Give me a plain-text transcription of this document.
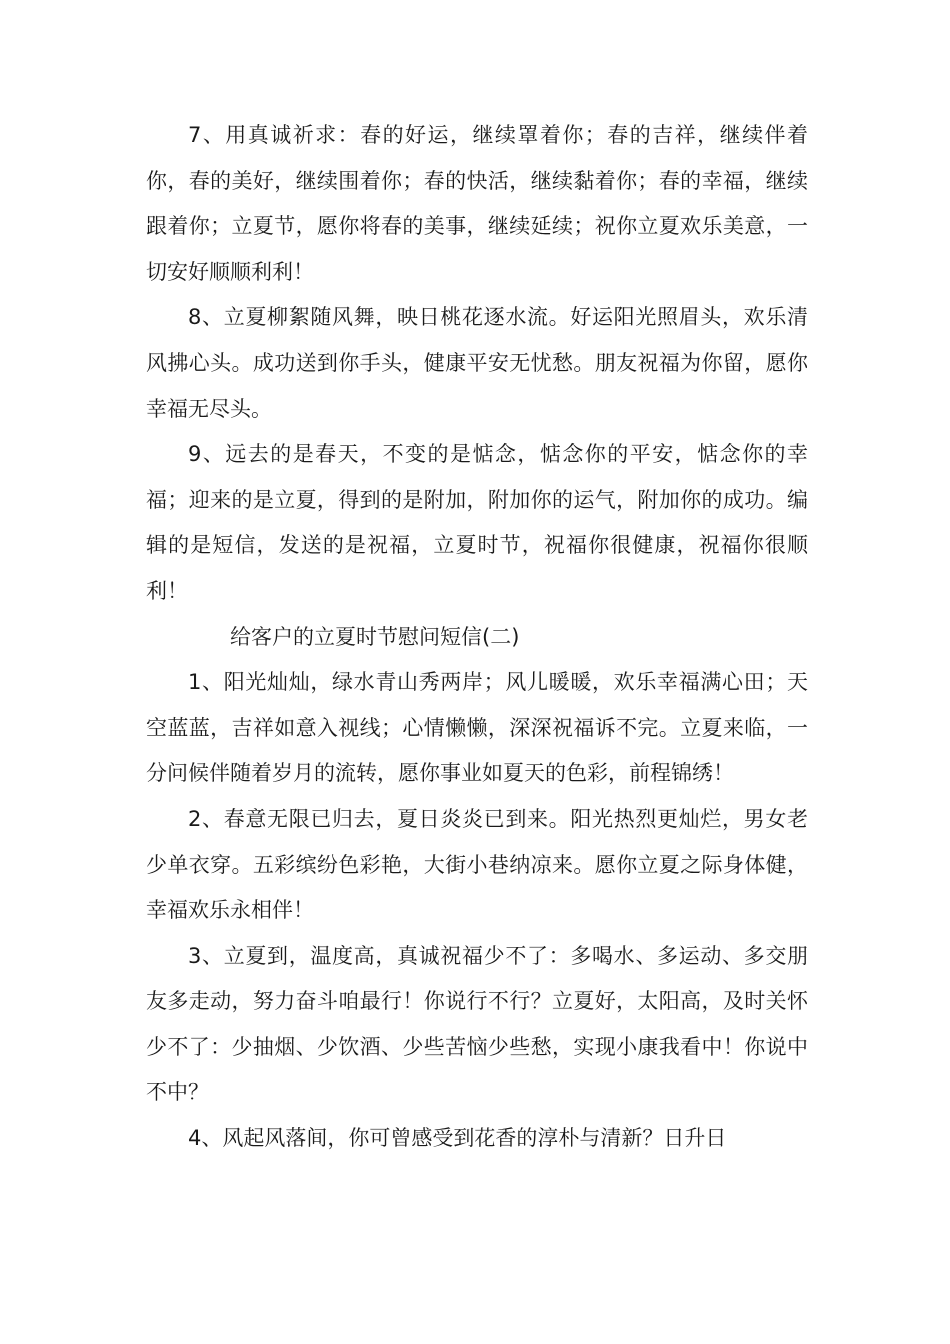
7、用真诚祈求：春的好运，继续罩着你；春的吉祥，继续伴着你，春的美好，继续围着你；春的快活，继续黏着你；春的幸福，继续跟着你；立夏节，愿你将春的美事，继续延续；祝你立夏欢乐美意，一切安好顺顺利利！

8、立夏柳絮随风舞，映日桃花逐水流。好运阳光照眉头，欢乐清风拂心头。成功送到你手头，健康平安无忧愁。朋友祝福为你留，愿你幸福无尽头。

9、远去的是春天，不变的是惦念，惦念你的平安，惦念你的幸福；迎来的是立夏，得到的是附加，附加你的运气，附加你的成功。编辑的是短信，发送的是祝福，立夏时节，祝福你很健康，祝福你很顺利！

给客户的立夏时节慰问短信(二)

1、阳光灿灿，绿水青山秀两岸；风儿暖暖，欢乐幸福满心田；天空蓝蓝，吉祥如意入视线；心情懒懒，深深祝福诉不完。立夏来临，一分问候伴随着岁月的流转，愿你事业如夏天的色彩，前程锦绣！

2、春意无限已归去，夏日炎炎已到来。阳光热烈更灿烂，男女老少单衣穿。五彩缤纷色彩艳，大街小巷纳凉来。愿你立夏之际身体健，幸福欢乐永相伴！

3、立夏到，温度高，真诚祝福少不了：多喝水、多运动、多交朋友多走动，努力奋斗咱最行！你说行不行？立夏好，太阳高，及时关怀少不了：少抽烟、少饮酒、少些苦恼少些愁，实现小康我看中！你说中不中？

4、风起风落间，你可曾感受到花香的淳朴与清新？日升日
